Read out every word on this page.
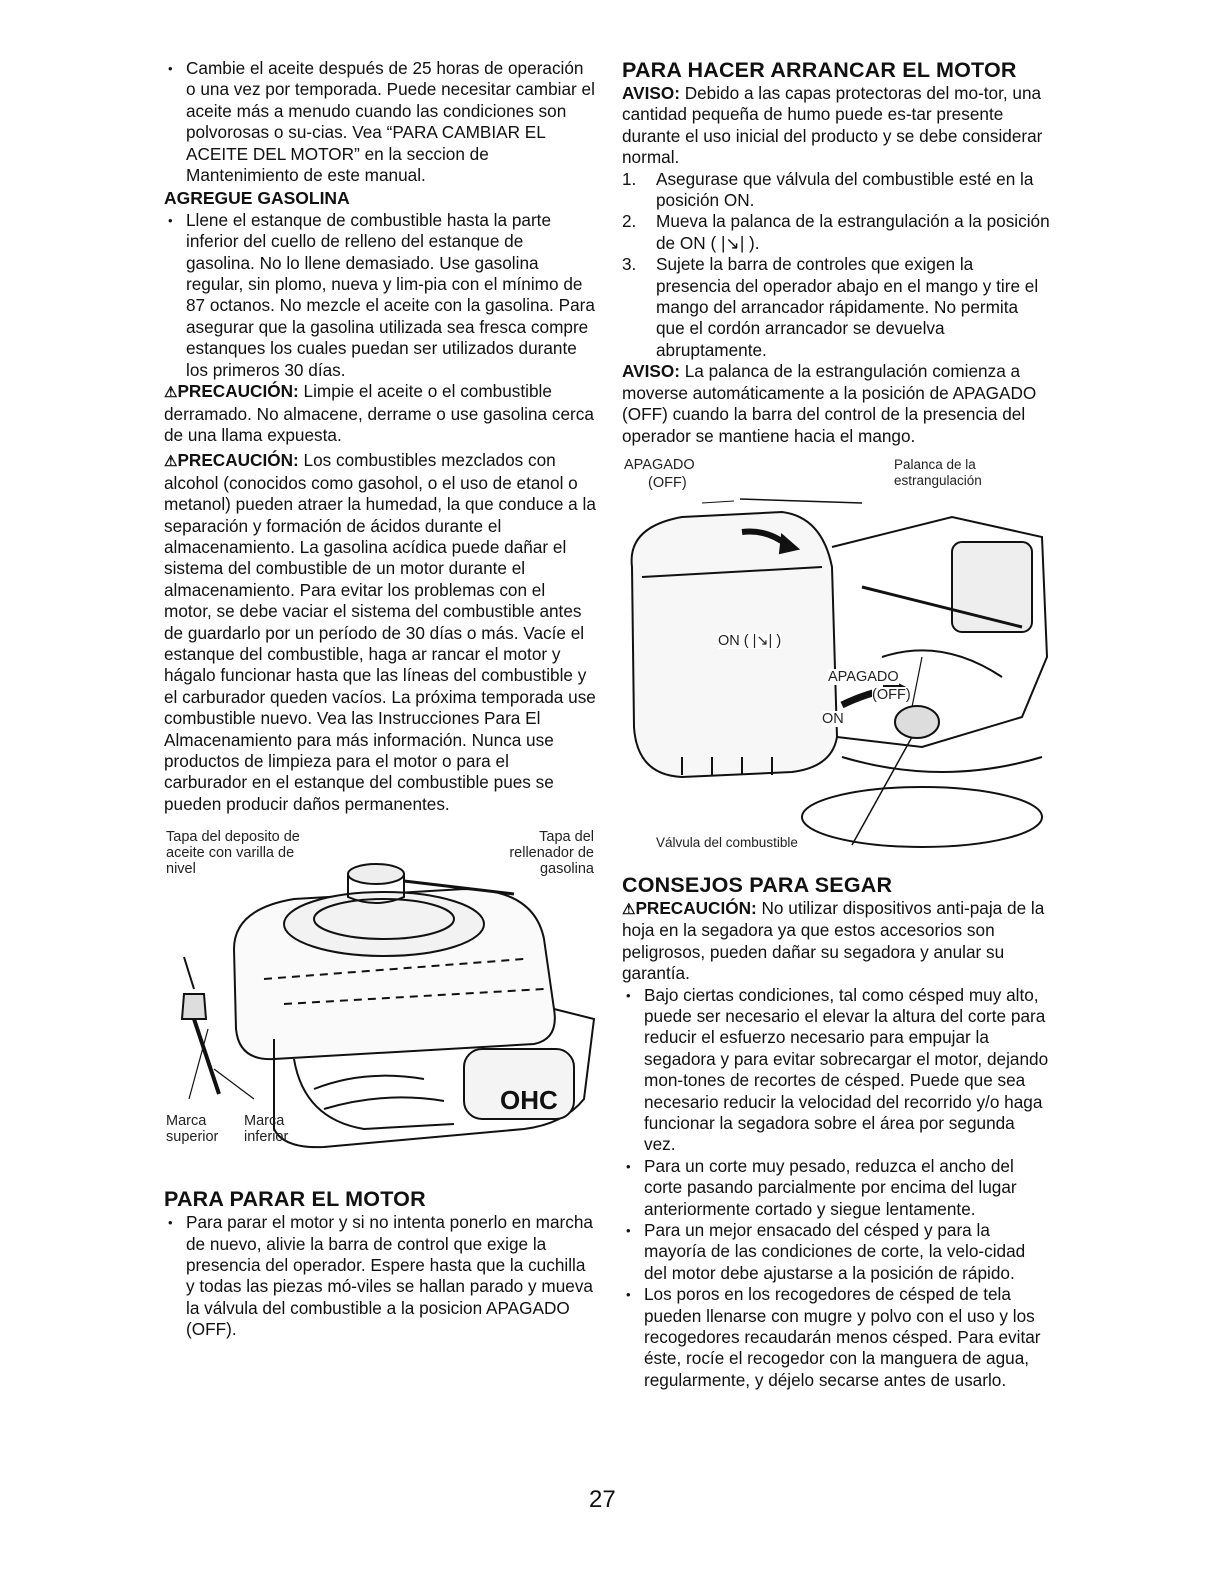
• Cambie el aceite después de 25 horas de operación o una vez por temporada. Puede necesitar cambiar el aceite más a menudo cuando las condiciones son polvorosas o su-cias. Vea “PARA CAMBIAR EL ACEITE DEL MOTOR” en la seccion de Mantenimiento de este manual.

AGREGUE GASOLINA

• Llene el estanque de combustible hasta la parte inferior del cuello de relleno del estanque de gasolina. No lo llene demasiado. Use gasolina regular, sin plomo, nueva y lim-pia con el mínimo de 87 octanos. No mezcle el aceite con la gasolina. Para asegurar que la gasolina utilizada sea fresca compre estanques los cuales puedan ser utilizados durante los primeros 30 días.

⚠PRECAUCIÓN: Limpie el aceite o el combustible derramado. No almacene, derrame o use gasolina cerca de una llama expuesta.

⚠PRECAUCIÓN: Los combustibles mezclados con alcohol (conocidos como gasohol, o el uso de etanol o metanol) pueden atraer la humedad, la que conduce a la separación y formación de ácidos durante el almacenamiento. La gasolina acídica puede dañar el sistema del combustible de un motor durante el almacenamiento. Para evitar los problemas con el motor, se debe vaciar el sistema del combustible antes de guardarlo por un período de 30 días o más. Vacíe el estanque del combustible, haga ar rancar el motor y hágalo funcionar hasta que las líneas del combustible y el carburador queden vacíos. La próxima temporada use combustible nuevo. Vea las Instrucciones Para El Almacenamiento para más información. Nunca use productos de limpieza para el motor o para el carburador en el estanque del combustible pues se pueden producir daños permanentes.

OHC
Tapa del deposito de aceite con varilla de nivel
Tapa del rellenador de gasolina
Marca superior
Marca inferior

PARA PARAR EL MOTOR

• Para parar el motor y si no intenta ponerlo en marcha de nuevo, alivie la barra de control que exige la presencia del operador. Espere hasta que la cuchilla y todas las piezas mó-viles se hallan parado y mueva la válvula del combustible a la posicion APAGADO (OFF).

PARA HACER ARRANCAR EL MOTOR

AVISO: Debido a las capas protectoras del mo-tor, una cantidad pequeña de humo puede es-tar presente durante el uso inicial del producto y se debe considerar normal.

1. Asegurase que válvula del combustible esté en la posición ON.

2. Mueva la palanca de la estrangulación a la posición de ON ( |↘| ).

3. Sujete la barra de controles que exigen la presencia del operador abajo en el mango y tire el mango del arrancador rápidamente. No permita que el cordón arrancador se devuelva abruptamente.

AVISO: La palanca de la estrangulación comienza a moverse automáticamente a la posición de APAGADO (OFF) cuando la barra del control de la presencia del operador se mantiene hacia el mango.

APAGADO
(OFF)
Palanca de la estrangulación
ON ( |↘| )
APAGADO
(OFF)
ON
Válvula del combustible

CONSEJOS PARA SEGAR

⚠PRECAUCIÓN: No utilizar dispositivos anti-paja de la hoja en la segadora ya que estos accesorios son peligrosos, pueden dañar su segadora y anular su garantía.

• Bajo ciertas condiciones, tal como césped muy alto, puede ser necesario el elevar la altura del corte para reducir el esfuerzo necesario para empujar la segadora y para evitar sobrecargar el motor, dejando mon-tones de recortes de césped. Puede que sea necesario reducir la velocidad del recorrido y/o haga funcionar la segadora sobre el área por segunda vez.

• Para un corte muy pesado, reduzca el ancho del corte pasando parcialmente por encima del lugar anteriormente cortado y siegue lentamente.

• Para un mejor ensacado del césped y para la mayoría de las condiciones de corte, la velo-cidad del motor debe ajustarse a la posición de rápido.

• Los poros en los recogedores de césped de tela pueden llenarse con mugre y polvo con el uso y los recogedores recaudarán menos césped. Para evitar éste, rocíe el recogedor con la manguera de agua, regularmente, y déjelo secarse antes de usarlo.

27
